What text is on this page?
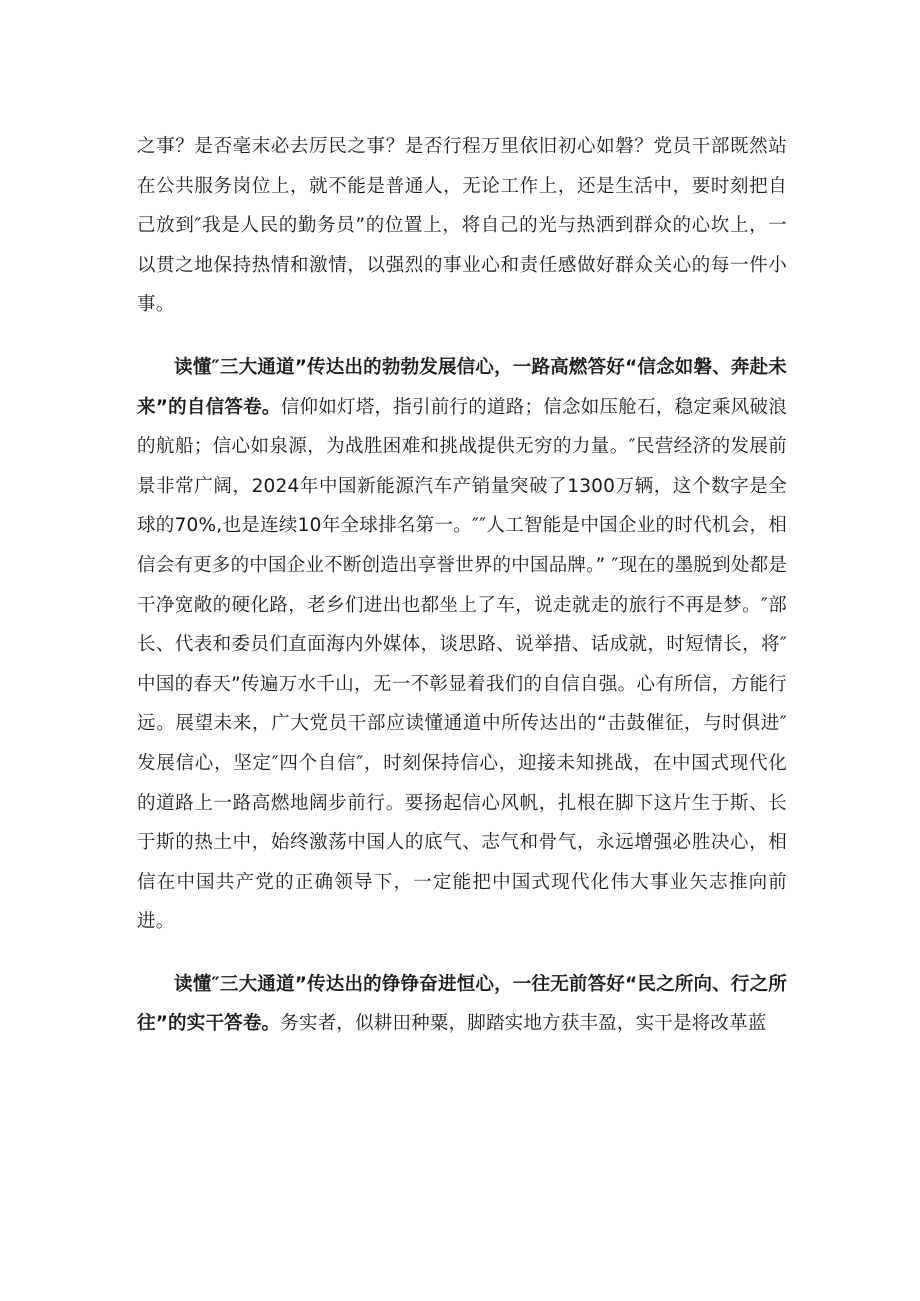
之事？是否毫末必去厉民之事？是否行程万里依旧初心如磐？党员干部既然站在公共服务岗位上，就不能是普通人，无论工作上，还是生活中，要时刻把自己放到″我是人民的勤务员”的位置上，将自己的光与热洒到群众的心坎上，一以贯之地保持热情和激情，以强烈的事业心和责任感做好群众关心的每一件小事。

读懂″三大通道”传达出的勃勃发展信心，一路高燃答好“信念如磐、奔赴未来”的自信答卷。信仰如灯塔，指引前行的道路；信念如压舱石，稳定乘风破浪的航船；信心如泉源，为战胜困难和挑战提供无穷的力量。″民营经济的发展前景非常广阔，2024年中国新能源汽车产销量突破了1300万辆，这个数字是全球的70%,也是连续10年全球排名第一。″″人工智能是中国企业的时代机会，相信会有更多的中国企业不断创造出享誉世界的中国品牌。” ″现在的墨脱到处都是干净宽敞的硬化路，老乡们进出也都坐上了车，说走就走的旅行不再是梦。″部长、代表和委员们直面海内外媒体，谈思路、说举措、话成就，时短情长，将″中国的春天”传遍万水千山，无一不彰显着我们的自信自强。心有所信，方能行远。展望未来，广大党员干部应读懂通道中所传达出的“击鼓催征，与时俱进″发展信心，坚定″四个自信″，时刻保持信心，迎接未知挑战，在中国式现代化的道路上一路高燃地阔步前行。要扬起信心风帆，扎根在脚下这片生于斯、长于斯的热土中，始终激荡中国人的底气、志气和骨气，永远增强必胜决心，相信在中国共产党的正确领导下，一定能把中国式现代化伟大事业矢志推向前进。

读懂″三大通道”传达出的铮铮奋进恒心，一往无前答好“民之所向、行之所往”的实干答卷。务实者，似耕田种粟，脚踏实地方获丰盈，实干是将改革蓝
